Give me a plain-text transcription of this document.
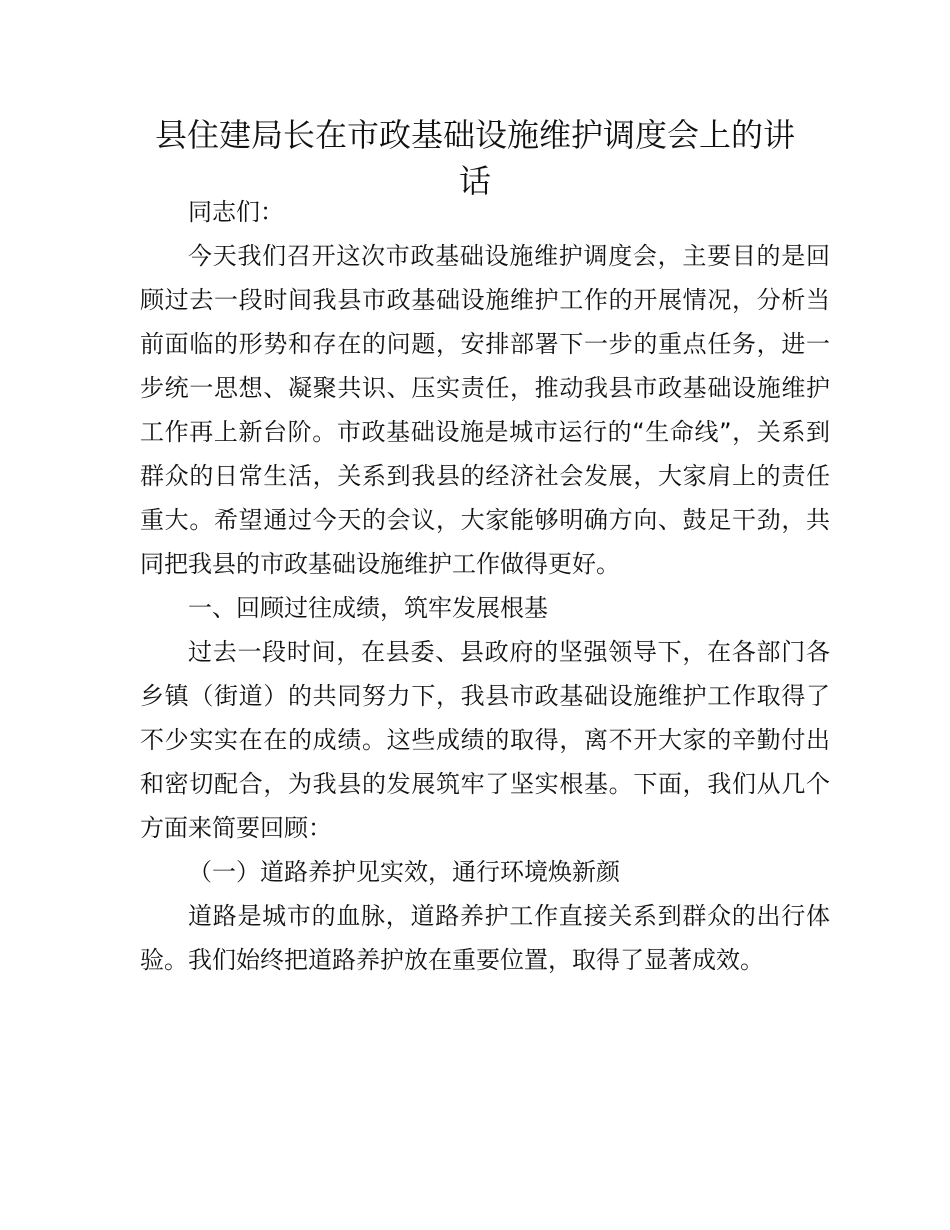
县住建局长在市政基础设施维护调度会上的讲话

同志们：

今天我们召开这次市政基础设施维护调度会，主要目的是回顾过去一段时间我县市政基础设施维护工作的开展情况，分析当前面临的形势和存在的问题，安排部署下一步的重点任务，进一步统一思想、凝聚共识、压实责任，推动我县市政基础设施维护工作再上新台阶。市政基础设施是城市运行的“生命线”，关系到群众的日常生活，关系到我县的经济社会发展，大家肩上的责任重大。希望通过今天的会议，大家能够明确方向、鼓足干劲，共同把我县的市政基础设施维护工作做得更好。

一、回顾过往成绩，筑牢发展根基

过去一段时间，在县委、县政府的坚强领导下，在各部门各乡镇（街道）的共同努力下，我县市政基础设施维护工作取得了不少实实在在的成绩。这些成绩的取得，离不开大家的辛勤付出和密切配合，为我县的发展筑牢了坚实根基。下面，我们从几个方面来简要回顾：

（一）道路养护见实效，通行环境焕新颜

道路是城市的血脉，道路养护工作直接关系到群众的出行体验。我们始终把道路养护放在重要位置，取得了显著成效。
